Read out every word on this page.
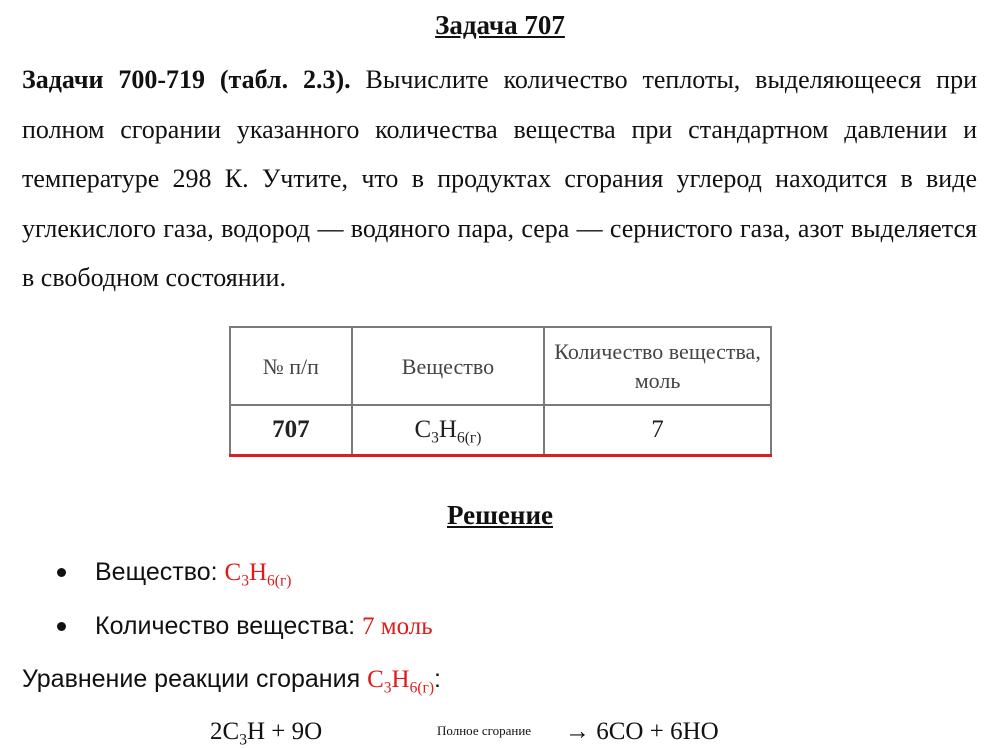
Задача 707
Задачи 700-719 (табл. 2.3). Вычислите количество теплоты, выделяющееся при полном сгорании указанного количества вещества при стандартном давлении и температуре 298 К. Учтите, что в продуктах сгорания углерод находится в виде углекислого газа, водород — водяного пара, сера — сернистого газа, азот выделяется в свободном состоянии.
№ п/п	Вещество	Количество вещества, моль
707	$C_3H_{6(г)}$	7
Решение
Вещество: $C_3H_{6(г)}$
Количество вещества: 7 моль
Уравнение реакции сгорания $C_3H_{6(г)}$:
$2C_3H + 9O$	Полное сгорание → 6CO + 6HO
